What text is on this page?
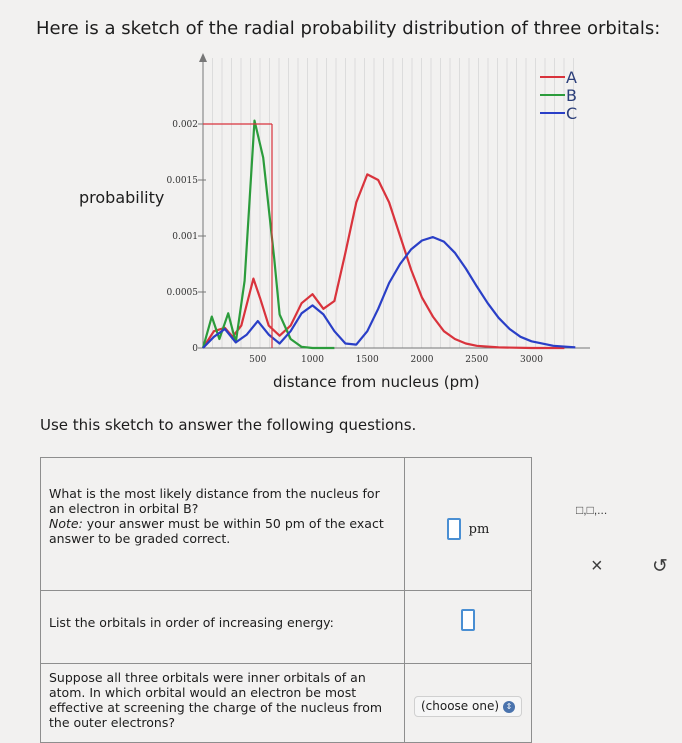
500	1000	1500	2000	2500	3000
0
0.0005
0.001
0.0015
0.002
A
B
C
Here is a sketch of the radial probability distribution of three orbitals:
probability
distance from nucleus (pm)
Use this sketch to answer the following questions.
What is the most likely distance from the nucleus for an electron in orbital B?
Note: your answer must be within 50 pm of the exact answer to be graded correct.	pm
List the orbitals in order of increasing energy:	
Suppose all three orbitals were inner orbitals of an atom. In which orbital would an electron be most effective at screening the charge of the nucleus from the outer electrons?	(choose one) ⇕
□,□,...
×	↺
